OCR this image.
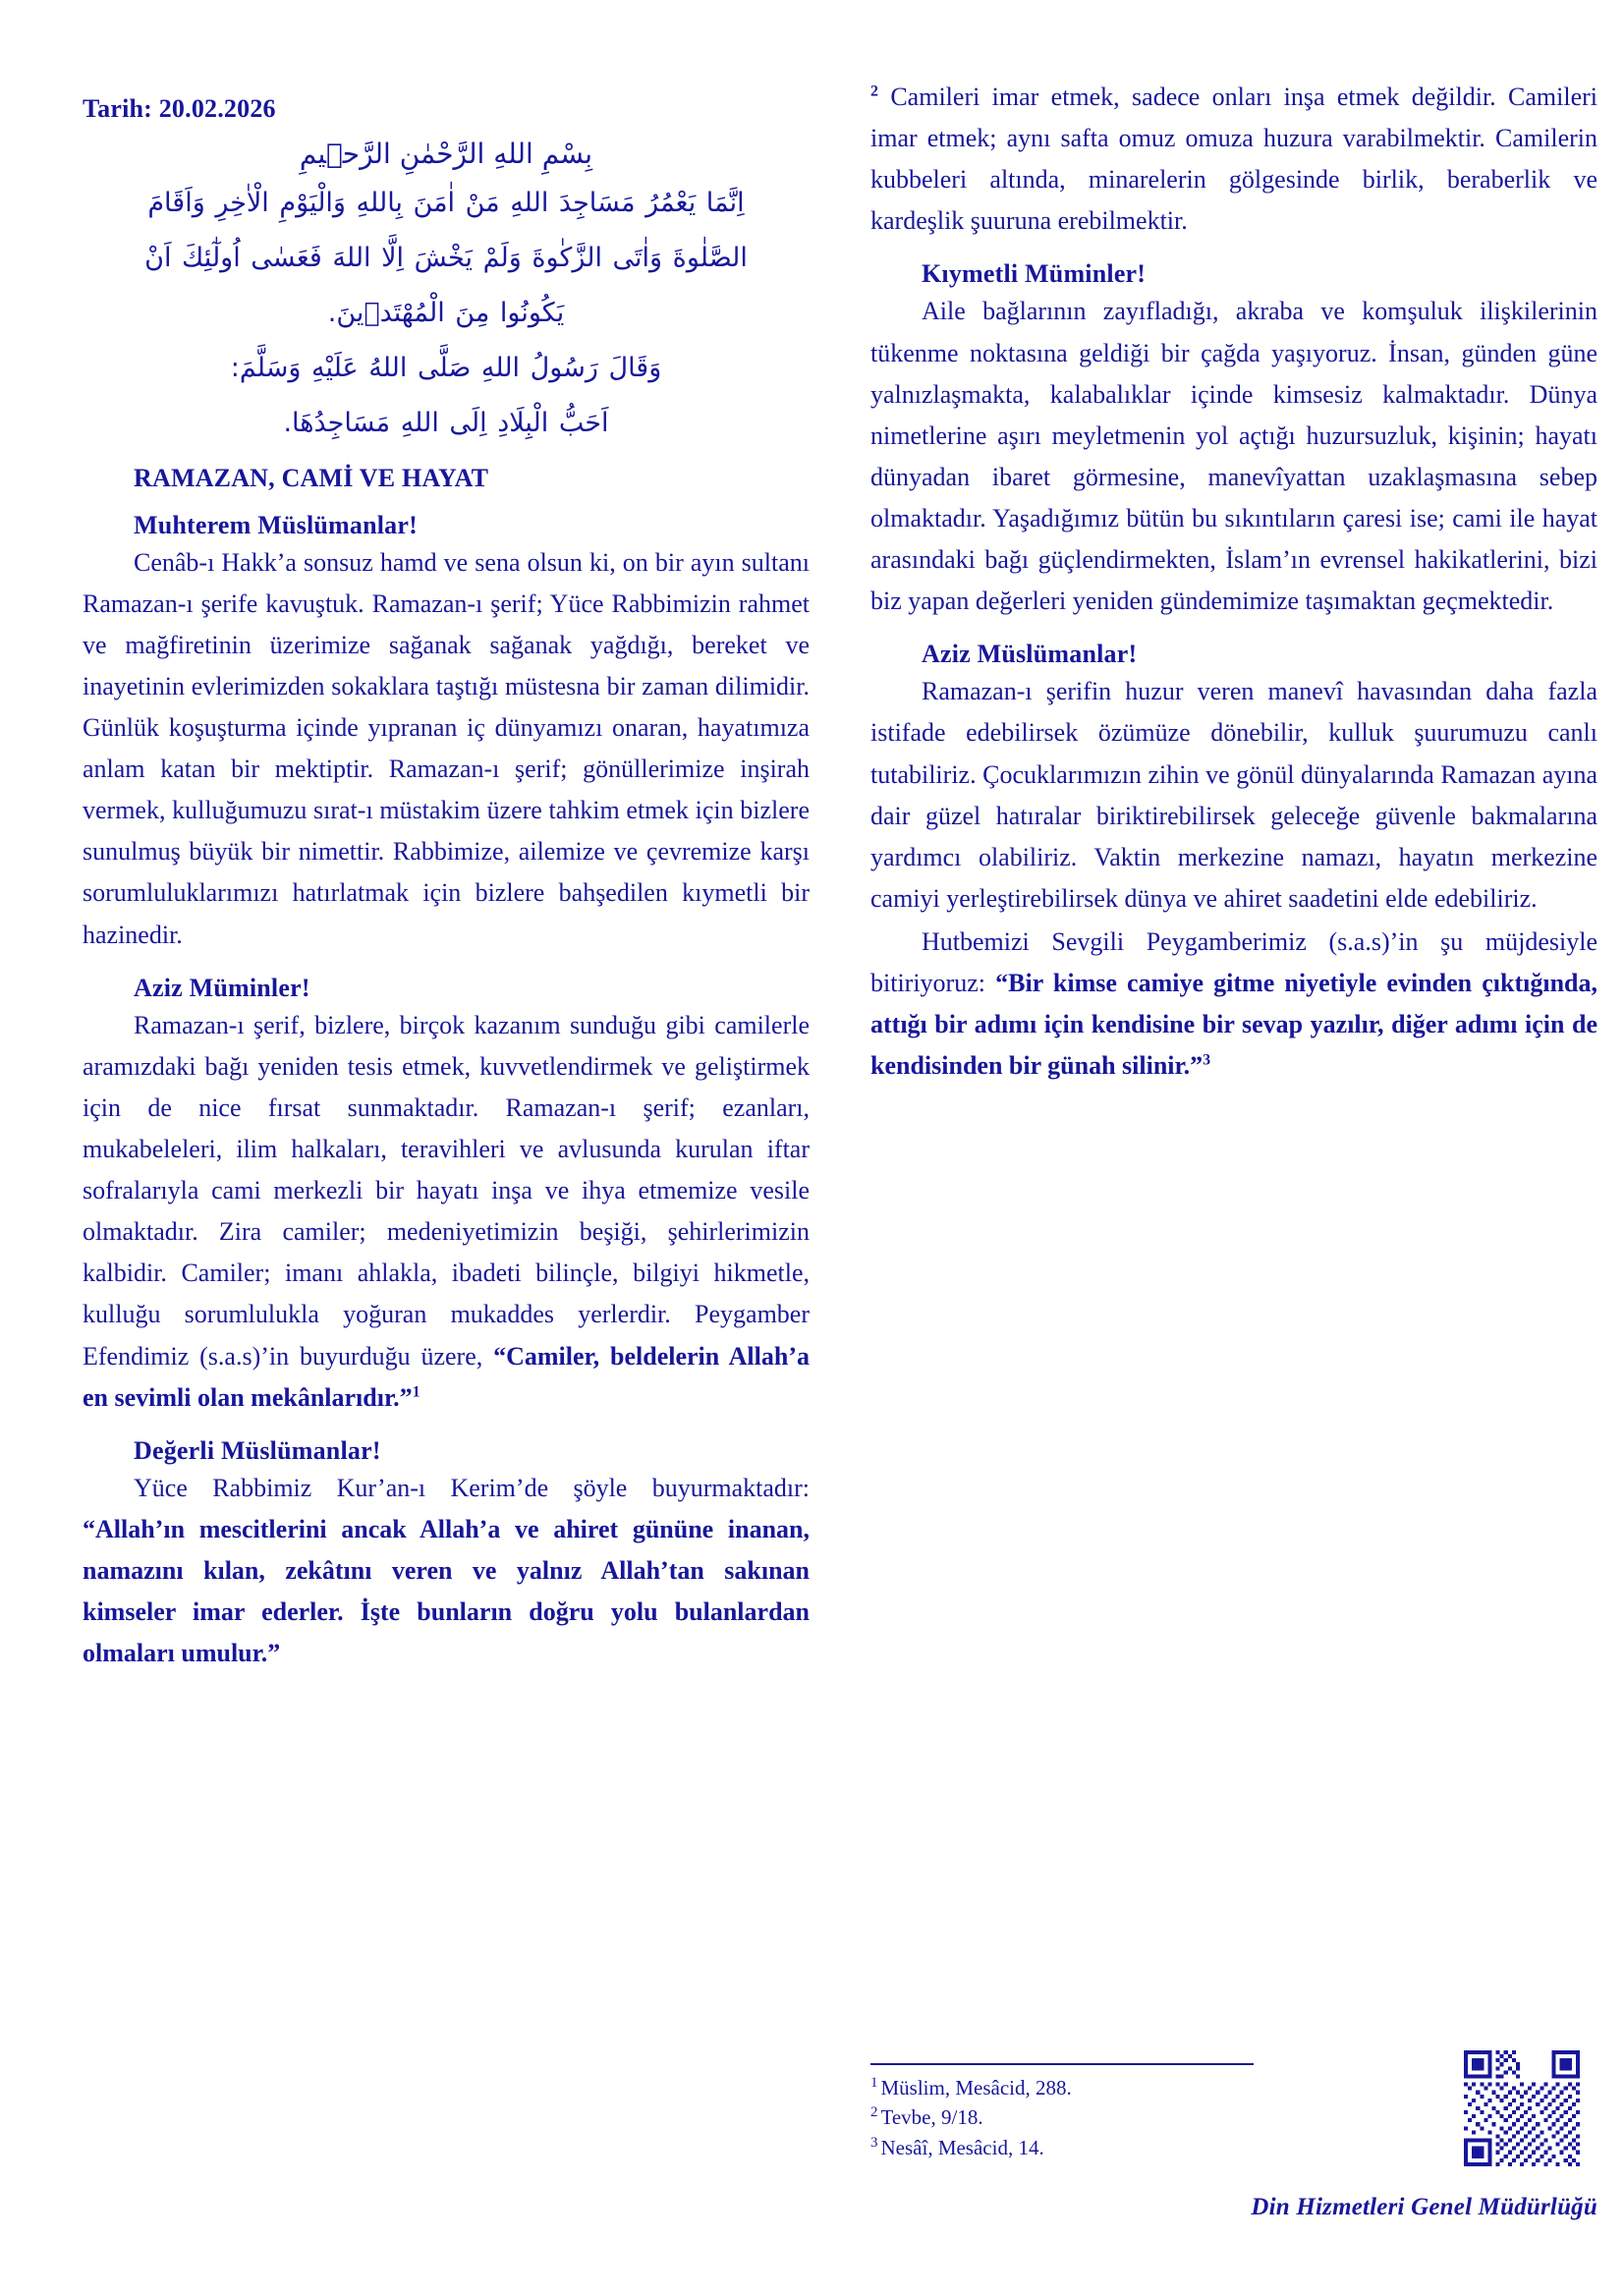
Tarih: 20.02.2026

بِسْمِ اللهِ الرَّحْمٰنِ الرَّحٖيمِ

اِنَّمَا يَعْمُرُ مَسَاجِدَ اللهِ مَنْ اٰمَنَ بِاللهِ وَالْيَوْمِ الْاٰخِرِ وَاَقَامَ

الصَّلٰوةَ وَاٰتَى الزَّكٰوةَ وَلَمْ يَخْشَ اِلَّا اللهَ فَعَسٰى اُولٰٓئِكَ اَنْ

يَكُونُوا مِنَ الْمُهْتَدٖينَ.

وَقَالَ رَسُولُ اللهِ صَلَّى اللهُ عَلَيْهِ وَسَلَّمَ:

اَحَبُّ الْبِلَادِ اِلَى اللهِ مَسَاجِدُهَا.

RAMAZAN, CAMİ VE HAYAT
Muhterem Müslümanlar!

Cenâb-ı Hakk’a sonsuz hamd ve sena olsun ki, on bir ayın sultanı Ramazan-ı şerife kavuştuk. Ramazan-ı şerif; Yüce Rabbimizin rahmet ve mağfiretinin üzerimize sağanak sağanak yağdığı, bereket ve inayetinin evlerimizden sokaklara taştığı müstesna bir zaman dilimidir. Günlük koşuşturma içinde yıpranan iç dünyamızı onaran, hayatımıza anlam katan bir mektiptir. Ramazan-ı şerif; gönüllerimize inşirah vermek, kulluğumuzu sırat-ı müstakim üzere tahkim etmek için bizlere sunulmuş büyük bir nimettir. Rabbimize, ailemize ve çevremize karşı sorumluluklarımızı hatırlatmak için bizlere bahşedilen kıymetli bir hazinedir.

Aziz Müminler!

Ramazan-ı şerif, bizlere, birçok kazanım sunduğu gibi camilerle aramızdaki bağı yeniden tesis etmek, kuvvetlendirmek ve geliştirmek için de nice fırsat sunmaktadır. Ramazan-ı şerif; ezanları, mukabeleleri, ilim halkaları, teravihleri ve avlusunda kurulan iftar sofralarıyla cami merkezli bir hayatı inşa ve ihya etmemize vesile olmaktadır. Zira camiler; medeniyetimizin beşiği, şehirlerimizin kalbidir. Camiler; imanı ahlakla, ibadeti bilinçle, bilgiyi hikmetle, kulluğu sorumlulukla yoğuran mukaddes yerlerdir. Peygamber Efendimiz (s.a.s)’in buyurduğu üzere, “Camiler, beldelerin Allah’a en sevimli olan mekânlarıdır.”$^1$

Değerli Müslümanlar!

Yüce Rabbimiz Kur’an-ı Kerim’de şöyle buyurmaktadır: “Allah’ın mescitlerini ancak Allah’a ve ahiret gününe inanan, namazını kılan, zekâtını veren ve yalnız Allah’tan sakınan kimseler imar ederler. İşte bunların doğru yolu bulanlardan olmaları umulur.”

$^2$ Camileri imar etmek, sadece onları inşa etmek değildir. Camileri imar etmek; aynı safta omuz omuza huzura varabilmektir. Camilerin kubbeleri altında, minarelerin gölgesinde birlik, beraberlik ve kardeşlik şuuruna erebilmektir.

Kıymetli Müminler!

Aile bağlarının zayıfladığı, akraba ve komşuluk ilişkilerinin tükenme noktasına geldiği bir çağda yaşıyoruz. İnsan, günden güne yalnızlaşmakta, kalabalıklar içinde kimsesiz kalmaktadır. Dünya nimetlerine aşırı meyletmenin yol açtığı huzursuzluk, kişinin; hayatı dünyadan ibaret görmesine, manevîyattan uzaklaşmasına sebep olmaktadır. Yaşadığımız bütün bu sıkıntıların çaresi ise; cami ile hayat arasındaki bağı güçlendirmekten, İslam’ın evrensel hakikatlerini, bizi biz yapan değerleri yeniden gündemimize taşımaktan geçmektedir.

Aziz Müslümanlar!

Ramazan-ı şerifin huzur veren manevî havasından daha fazla istifade edebilirsek özümüze dönebilir, kulluk şuurumuzu canlı tutabiliriz. Çocuklarımızın zihin ve gönül dünyalarında Ramazan ayına dair güzel hatıralar biriktirebilirsek geleceğe güvenle bakmalarına yardımcı olabiliriz. Vaktin merkezine namazı, hayatın merkezine camiyi yerleştirebilirsek dünya ve ahiret saadetini elde edebiliriz.

Hutbemizi Sevgili Peygamberimiz (s.a.s)’in şu müjdesiyle bitiriyoruz: “Bir kimse camiye gitme niyetiyle evinden çıktığında, attığı bir adımı için kendisine bir sevap yazılır, diğer adımı için de kendisinden bir günah silinir.”$^3$

$^1$ Müslim, Mesâcid, 288.

$^2$ Tevbe, 9/18.

$^3$ Nesâî, Mesâcid, 14.

Din Hizmetleri Genel Müdürlüğü
